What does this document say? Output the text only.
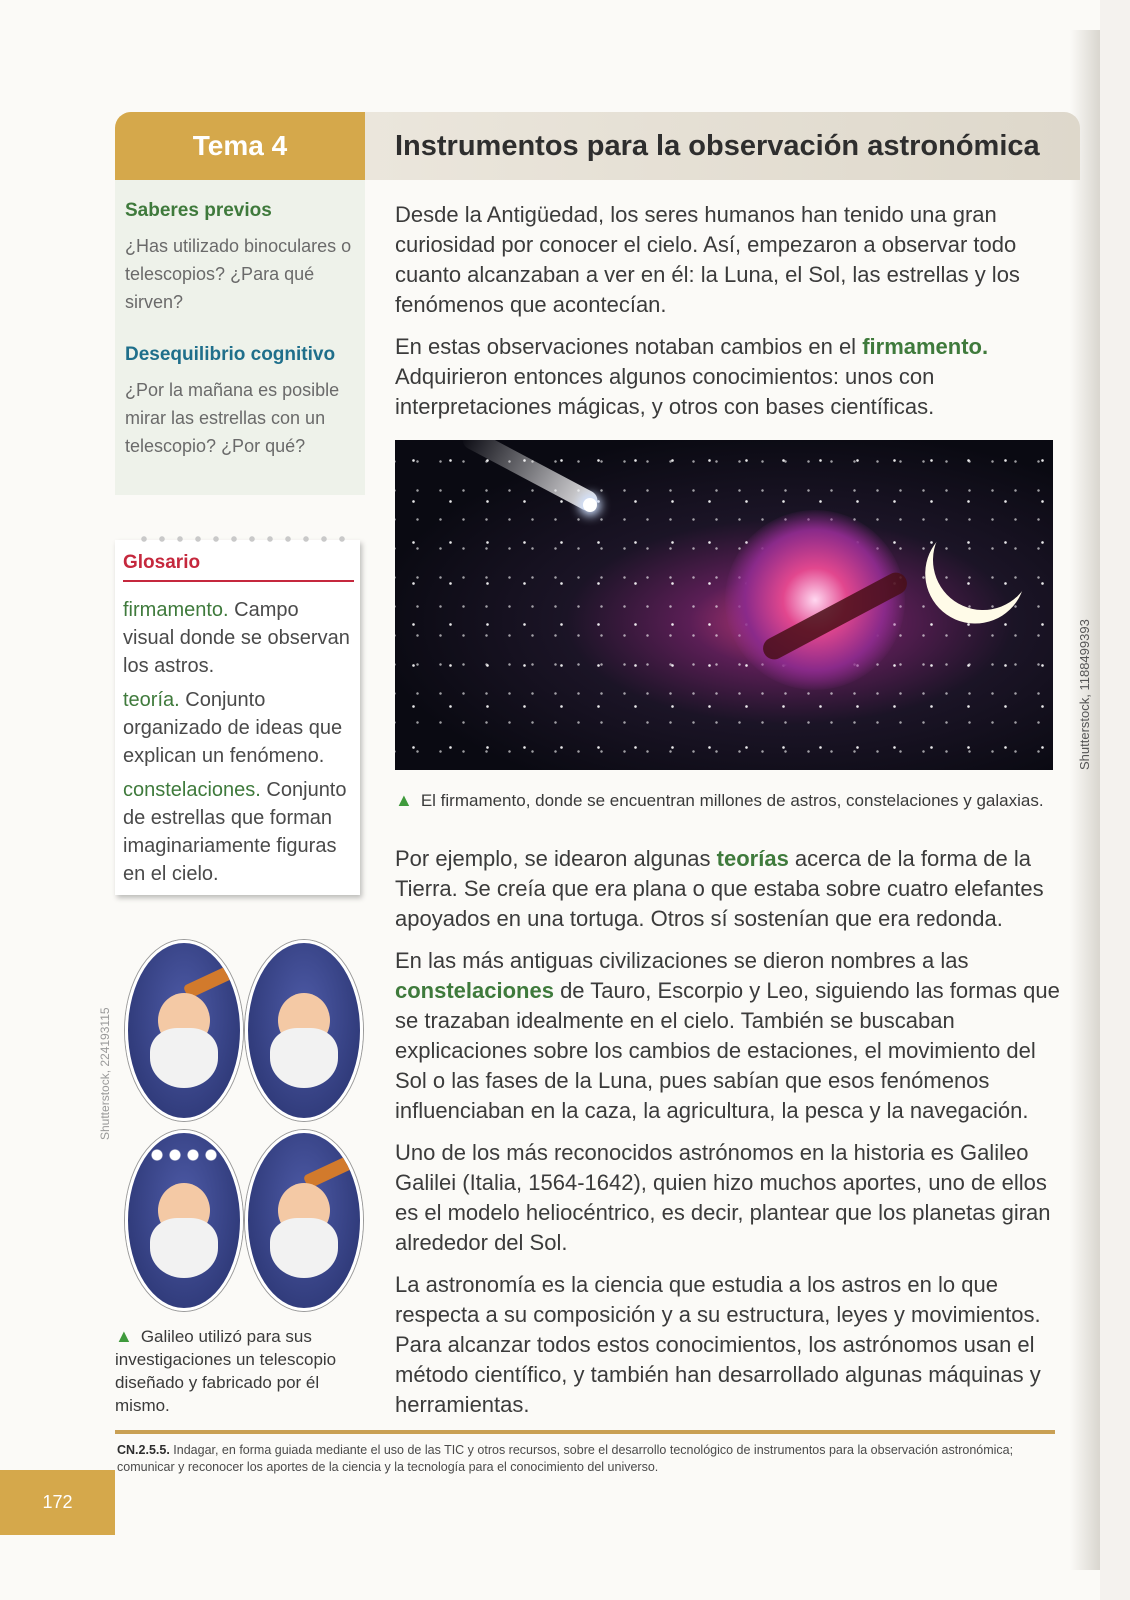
Tema 4	Instrumentos para la observación astronómica

Saberes previos

¿Has utilizado binoculares o telescopios? ¿Para qué sirven?

Desequilibrio cognitivo

¿Por la mañana es posible mirar las estrellas con un telescopio? ¿Por qué?

Glosario

firmamento. Campo visual donde se observan los astros.

teoría. Conjunto organizado de ideas que explican un fenómeno.

constelaciones. Conjunto de estrellas que forman imaginariamente figuras en el cielo.

▲ Galileo utilizó para sus investigaciones un telescopio diseñado y fabricado por él mismo.
Shutterstock, 224193115

Desde la Antigüedad, los seres humanos han tenido una gran curiosidad por conocer el cielo. Así, empezaron a observar todo cuanto alcanzaban a ver en él: la Luna, el Sol, las estrellas y los fenómenos que acontecían.

En estas observaciones notaban cambios en el firmamento. Adquirieron entonces algunos conocimientos: unos con interpretaciones mágicas, y otros con bases científicas.

Shutterstock, 1188499393
▲ El firmamento, donde se encuentran millones de astros, constelaciones y galaxias.

Por ejemplo, se idearon algunas teorías acerca de la forma de la Tierra. Se creía que era plana o que estaba sobre cuatro elefantes apoyados en una tortuga. Otros sí sostenían que era redonda.

En las más antiguas civilizaciones se dieron nombres a las constelaciones de Tauro, Escorpio y Leo, siguiendo las formas que se trazaban idealmente en el cielo. También se buscaban explicaciones sobre los cambios de estaciones, el movimiento del Sol o las fases de la Luna, pues sabían que esos fenómenos influenciaban en la caza, la agricultura, la pesca y la navegación.

Uno de los más reconocidos astrónomos en la historia es Galileo Galilei (Italia, 1564-1642), quien hizo muchos aportes, uno de ellos es el modelo heliocéntrico, es decir, plantear que los planetas giran alrededor del Sol.

La astronomía es la ciencia que estudia a los astros en lo que respecta a su composición y a su estructura, leyes y movimientos. Para alcanzar todos estos conocimientos, los astrónomos usan el método científico, y también han desarrollado algunas máquinas y herramientas.

CN.2.5.5. Indagar, en forma guiada mediante el uso de las TIC y otros recursos, sobre el desarrollo tecnológico de instrumentos para la observación astronómica; comunicar y reconocer los aportes de la ciencia y la tecnología para el conocimiento del universo.
172
